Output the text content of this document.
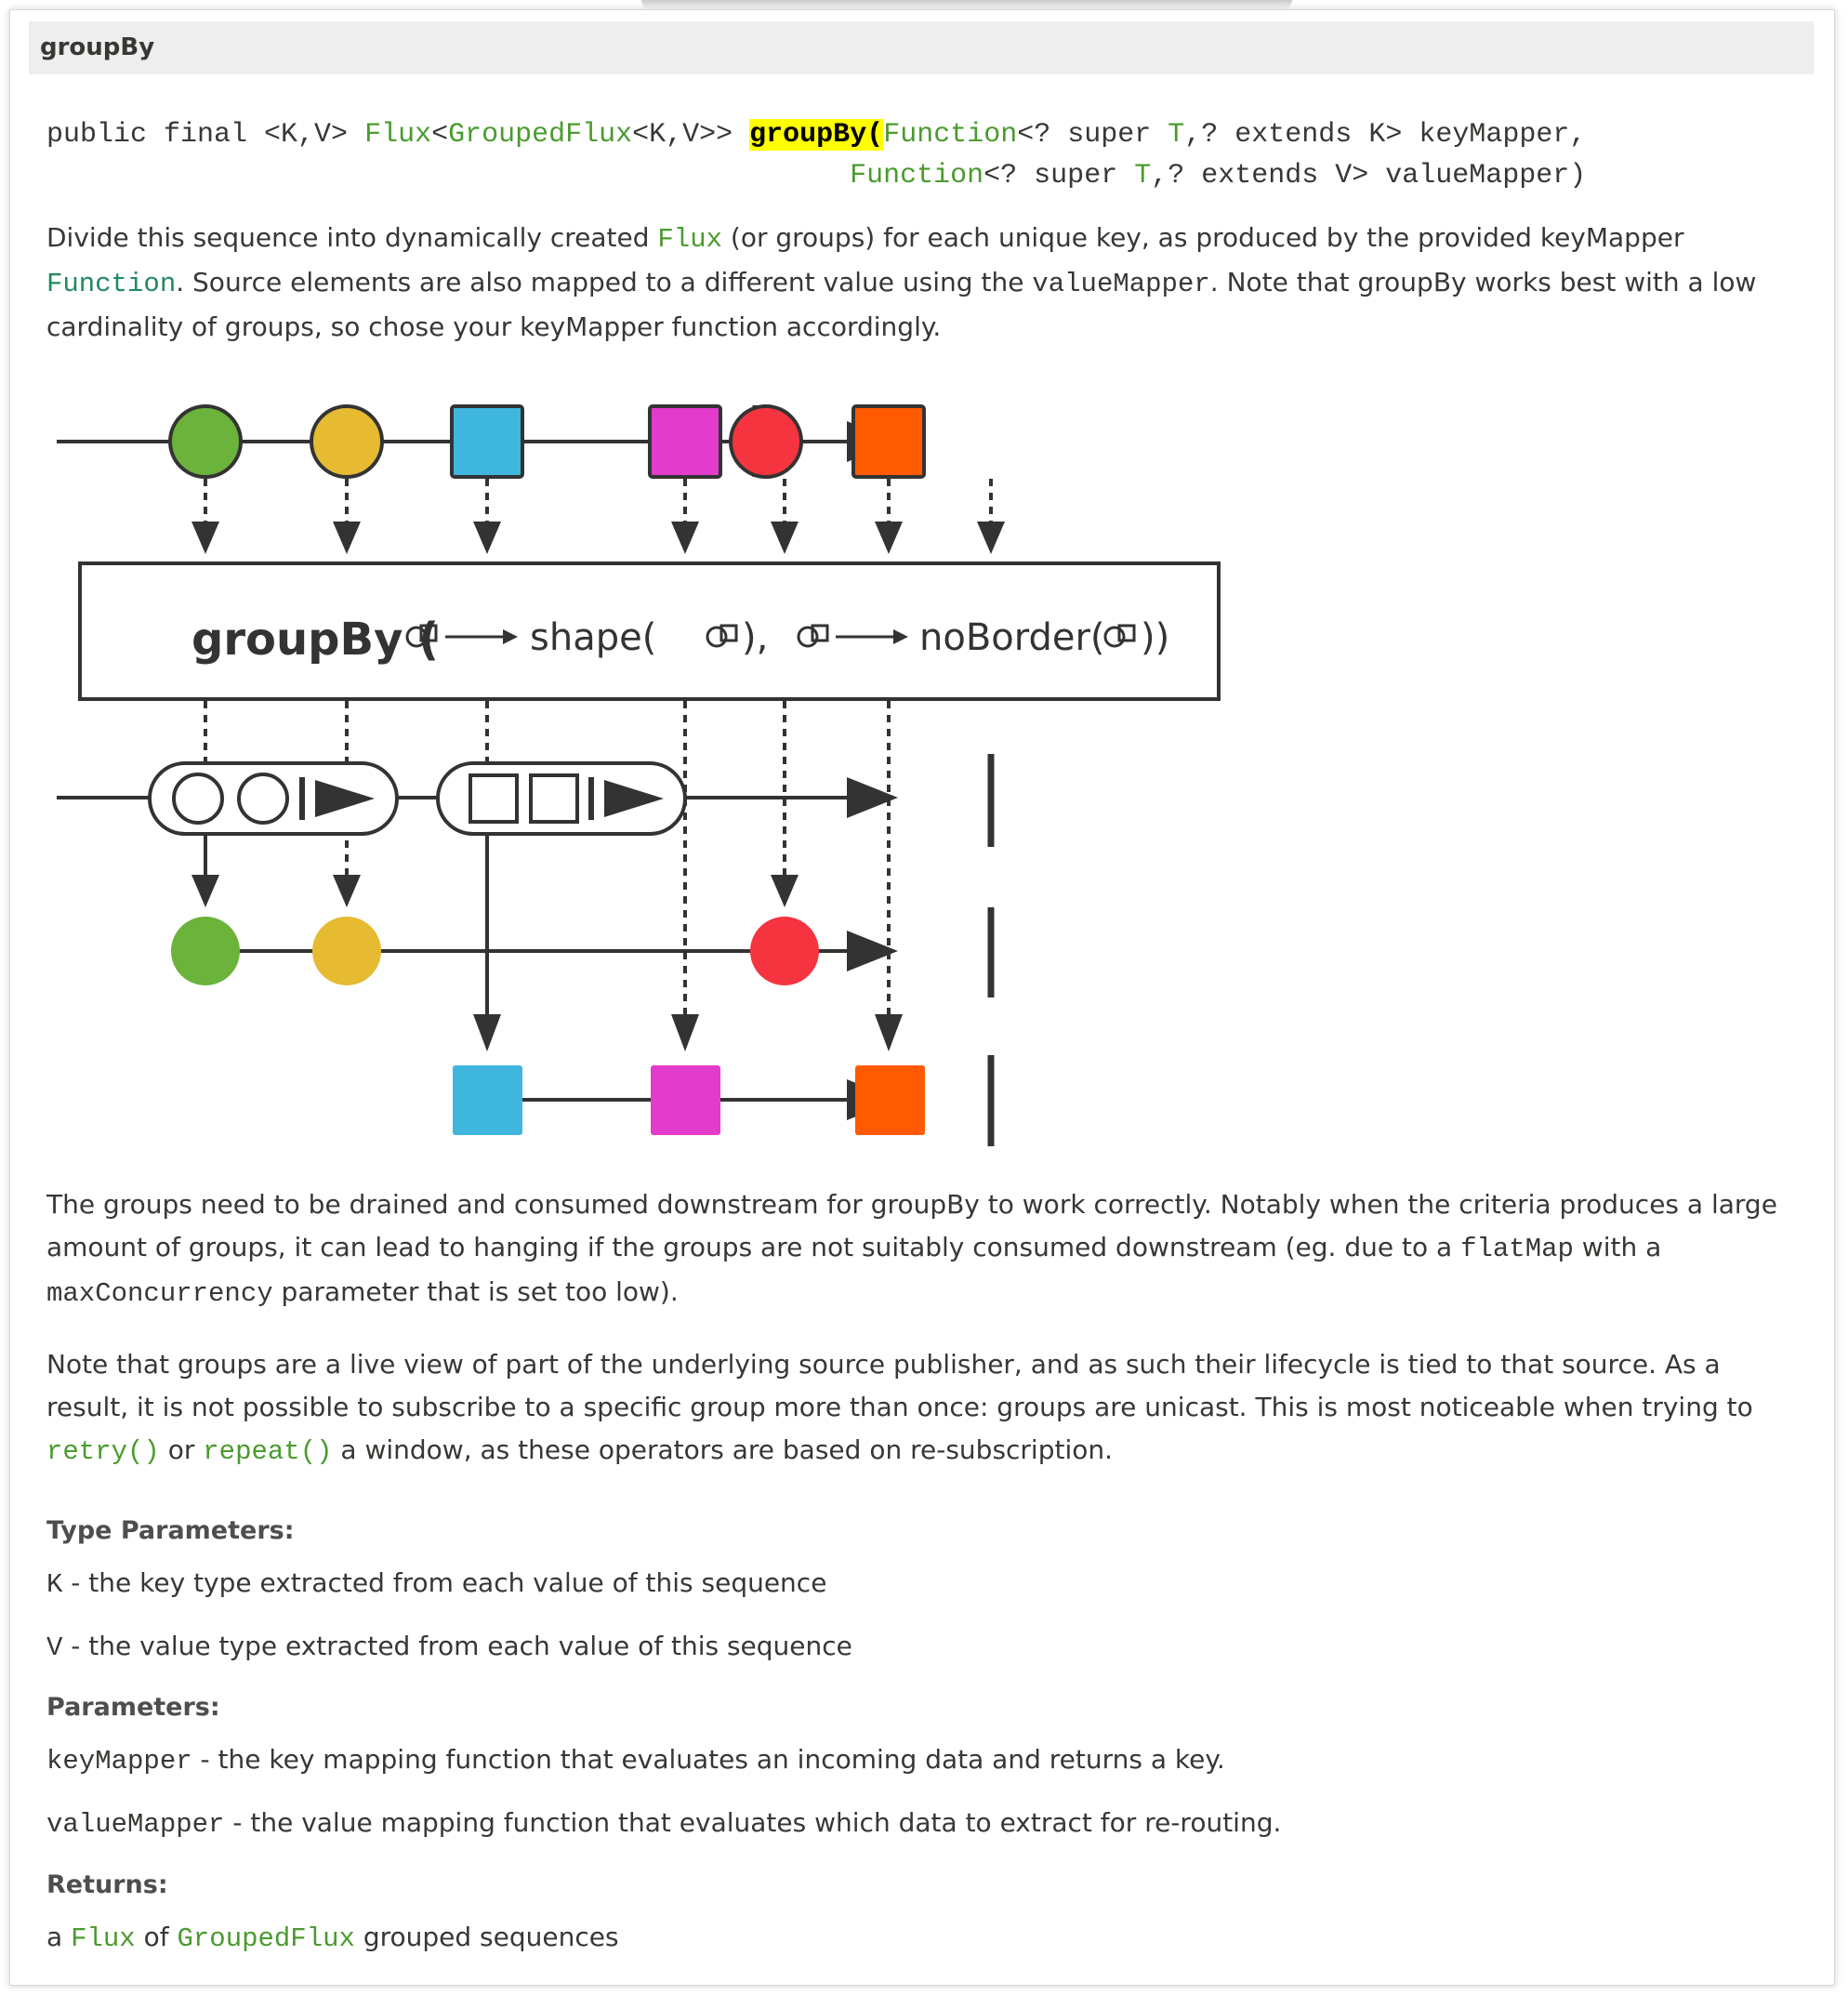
groupBy
public final <K,V> Flux<GroupedFlux<K,V>> groupBy(Function<? super T,? extends K> keyMapper,
Function<? super T,? extends V> valueMapper)
Divide this sequence into dynamically created Flux (or groups) for each unique key, as produced by the provided keyMapper Function. Source elements are also mapped to a different value using the valueMapper. Note that groupBy works best with a low cardinality of groups, so chose your keyMapper function accordingly.
groupBy ( shape( ),	noBorder( ))
The groups need to be drained and consumed downstream for groupBy to work correctly. Notably when the criteria produces a large amount of groups, it can lead to hanging if the groups are not suitably consumed downstream (eg. due to a flatMap with a maxConcurrency parameter that is set too low).
Note that groups are a live view of part of the underlying source publisher, and as such their lifecycle is tied to that source. As a result, it is not possible to subscribe to a specific group more than once: groups are unicast. This is most noticeable when trying to retry() or repeat() a window, as these operators are based on re-subscription.
Type Parameters:
K - the key type extracted from each value of this sequence
V - the value type extracted from each value of this sequence
Parameters:
keyMapper - the key mapping function that evaluates an incoming data and returns a key.
valueMapper - the value mapping function that evaluates which data to extract for re-routing.
Returns:
a Flux of GroupedFlux grouped sequences
